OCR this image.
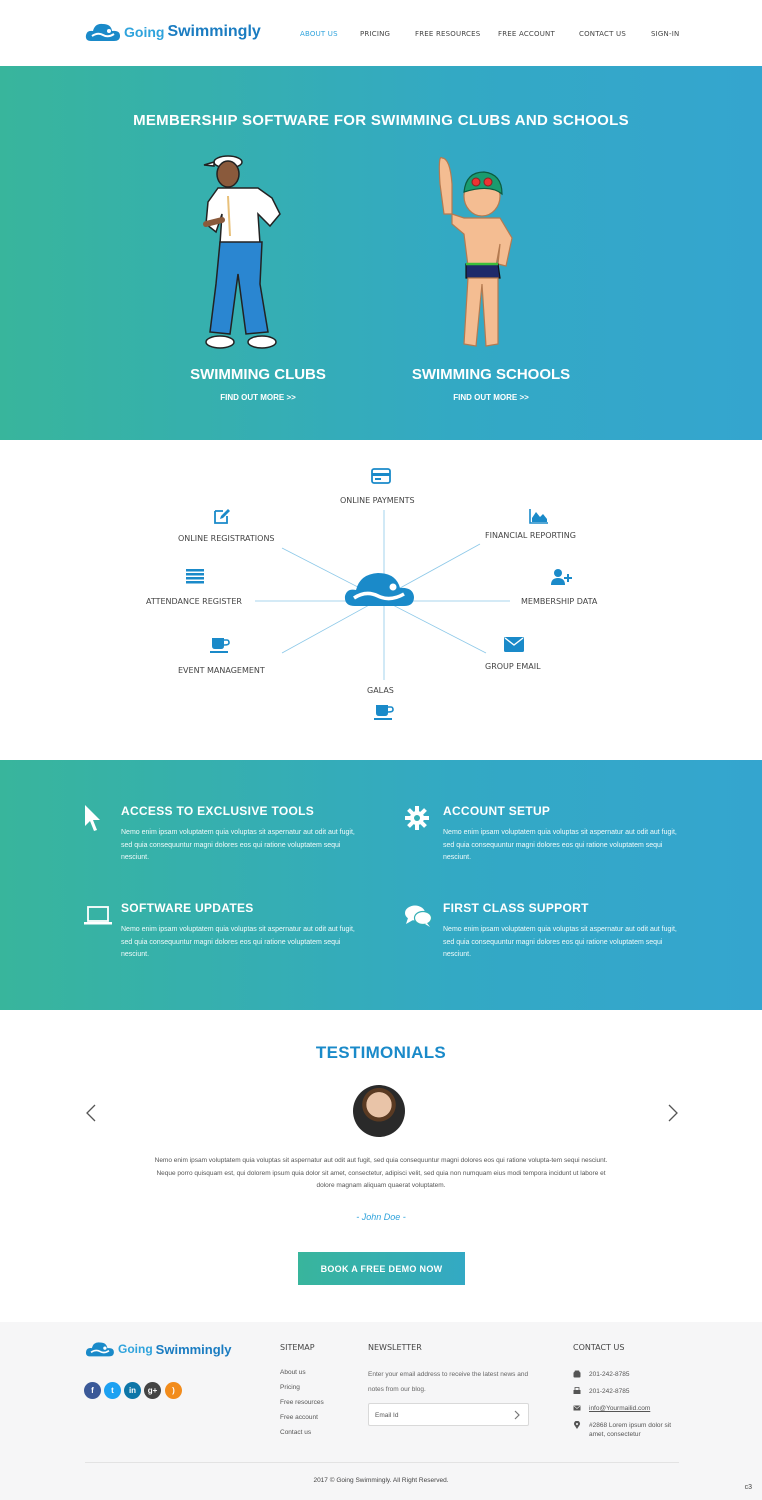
Going Swimmingly	ABOUT US	PRICING	FREE RESOURCES	FREE ACCOUNT	CONTACT US	SIGN-IN
MEMBERSHIP SOFTWARE FOR SWIMMING CLUBS AND SCHOOLS
SWIMMING CLUBS
FIND OUT MORE >>
SWIMMING SCHOOLS
FIND OUT MORE >>
ONLINE PAYMENTS
ONLINE REGISTRATIONS	FINANCIAL REPORTING
ATTENDANCE REGISTER	MEMBERSHIP DATA
EVENT MANAGEMENT	GROUP EMAIL
GALAS
ACCESS TO EXCLUSIVE TOOLS
Nemo enim ipsam voluptatem quia voluptas sit aspernatur aut odit aut fugit, sed quia consequuntur magni dolores eos qui ratione voluptatem sequi nesciunt.
ACCOUNT SETUP
Nemo enim ipsam voluptatem quia voluptas sit aspernatur aut odit aut fugit, sed quia consequuntur magni dolores eos qui ratione voluptatem sequi nesciunt.
SOFTWARE UPDATES
Nemo enim ipsam voluptatem quia voluptas sit aspernatur aut odit aut fugit, sed quia consequuntur magni dolores eos qui ratione voluptatem sequi nesciunt.
FIRST CLASS SUPPORT
Nemo enim ipsam voluptatem quia voluptas sit aspernatur aut odit aut fugit, sed quia consequuntur magni dolores eos qui ratione voluptatem sequi nesciunt.
TESTIMONIALS
Nemo enim ipsam voluptatem quia voluptas sit aspernatur aut odit aut fugit, sed quia consequuntur magni dolores eos qui ratione volupta-tem sequi nesciunt. Neque porro quisquam est, qui dolorem ipsum quia dolor sit amet, consectetur, adipisci velit, sed quia non numquam eius modi tempora incidunt ut labore et dolore magnam aliquam quaerat voluptatem.
- John Doe -
BOOK A FREE DEMO NOW
Going Swimmingly
f	t	in	g+	)
SITEMAP
About us
Pricing
Free resources
Free account
Contact us
NEWSLETTER
Enter your email address to receive the latest news and notes from our blog.
Email Id
CONTACT US
201-242-8785
201-242-8785
info@Yourmailid.com
#2868 Lorem ipsum dolor sit amet, consectetur
2017 © Going Swimmingly. All Right Reserved.
c3
